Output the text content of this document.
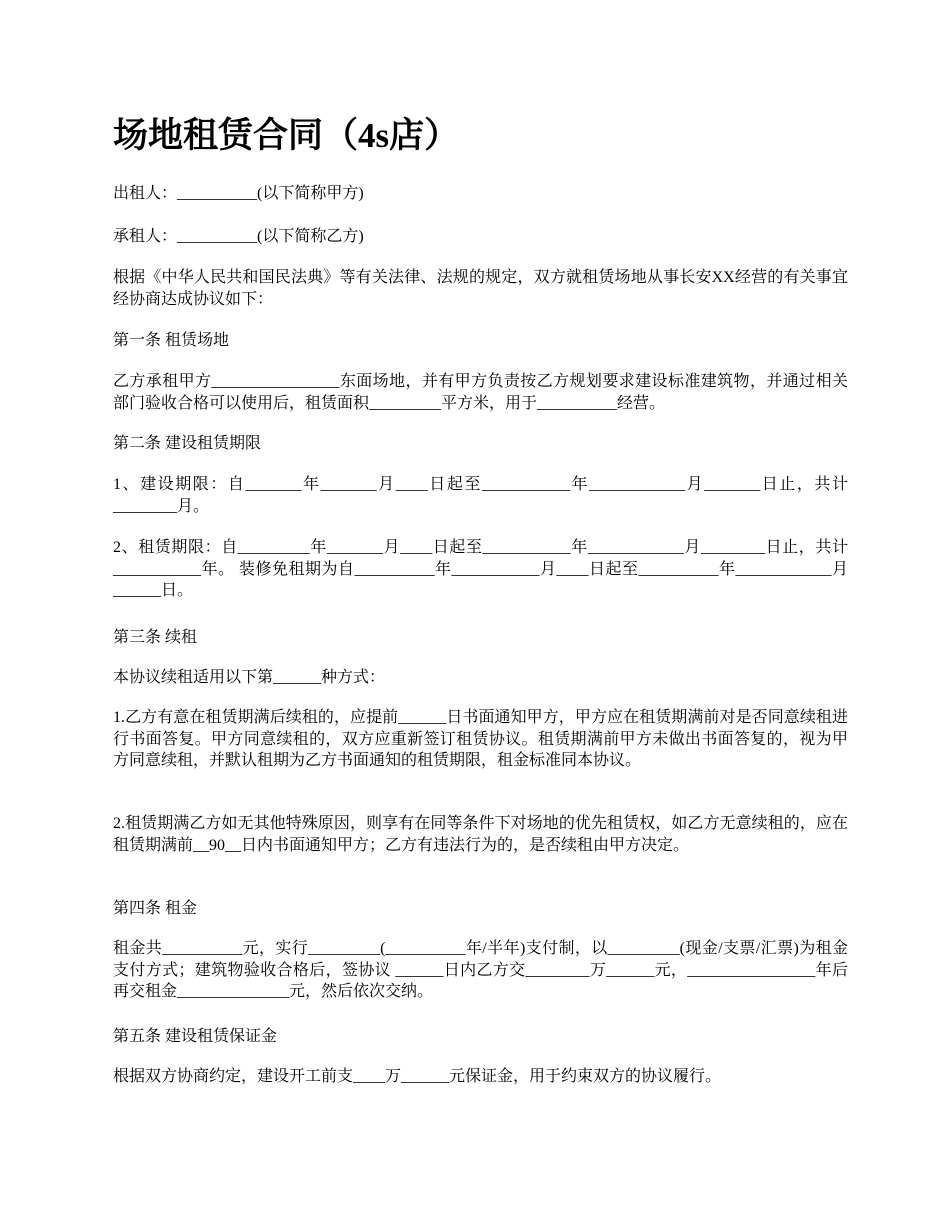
场地租赁合同（4s店）

出租人：__________(以下简称甲方)

承租人：__________(以下简称乙方)

根据《中华人民共和国民法典》等有关法律、法规的规定，双方就租赁场地从事长安XX经营的有关事宜经协商达成协议如下：

第一条 租赁场地

乙方承租甲方________________东面场地，并有甲方负责按乙方规划要求建设标准建筑物，并通过相关部门验收合格可以使用后，租赁面积_________平方米，用于__________经营。

第二条 建设租赁期限

1、建设期限：自_______年_______月____日起至___________年____________月_______日止，共计________月。

2、租赁期限：自_________年_______月____日起至___________年____________月________日止，共计___________年。 装修免租期为自__________年___________月____日起至__________年____________月______日。

第三条 续租

本协议续租适用以下第______种方式：

1.乙方有意在租赁期满后续租的，应提前______日书面通知甲方，甲方应在租赁期满前对是否同意续租进行书面答复。甲方同意续租的，双方应重新签订租赁协议。租赁期满前甲方未做出书面答复的，视为甲方同意续租，并默认租期为乙方书面通知的租赁期限，租金标准同本协议。

2.租赁期满乙方如无其他特殊原因，则享有在同等条件下对场地的优先租赁权，如乙方无意续租的，应在租赁期满前__90__日内书面通知甲方；乙方有违法行为的，是否续租由甲方决定。

第四条 租金

租金共__________元，实行_________(__________年/半年)支付制，以_________(现金/支票/汇票)为租金支付方式；建筑物验收合格后，签协议 ______日内乙方交________万______元，________________年后再交租金______________元，然后依次交纳。

第五条 建设租赁保证金

根据双方协商约定，建设开工前支____万______元保证金，用于约束双方的协议履行。
